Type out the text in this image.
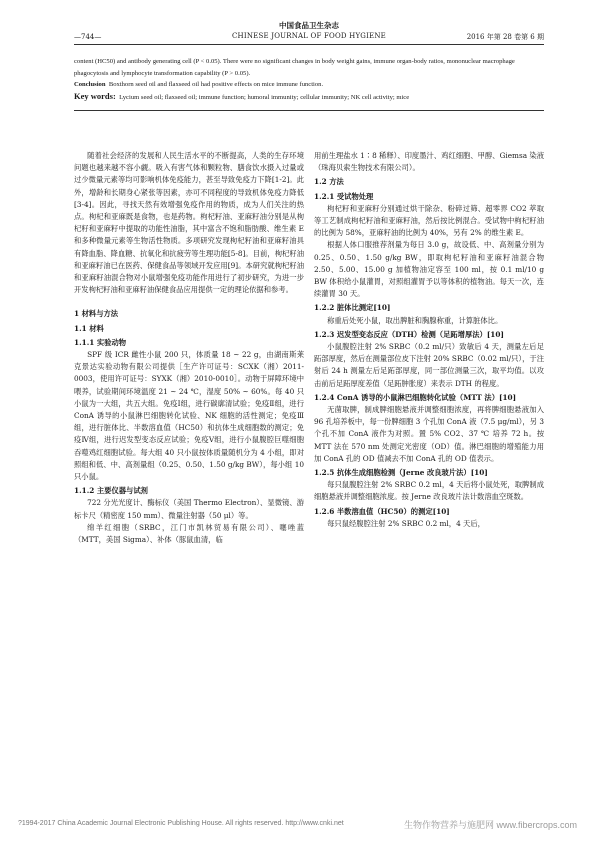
中国食品卫生杂志
—744—	CHINESE JOURNAL OF FOOD HYGIENE	2016 年第 28 卷第 6 期

content (HC50) and antibody generating cell (P < 0.05). There were no significant changes in body weight gains, immune organ-body ratios, mononuclear macrophage phagocytosis and lymphocyte transformation capability (P > 0.05).

Conclusion Boxthorn seed oil and flaxseed oil had positive effects on mice immune function.

Key words: Lycium seed oil; flaxseed oil; immune function; humoral immunity; cellular immunity; NK cell activity; mice

随着社会经济的发展和人民生活水平的不断提高，人类的生存环境问题也越来越不容小觑。吸入有害气体和颗粒物、膳食饮水摄入过量或过少微量元素等均可影响机体免疫能力，甚至导致免疫力下降[1-2]。此外，增龄和长期身心紧张等因素，亦可不同程度的导致机体免疫力降低[3-4]。因此，寻找天然有效增强免疫作用的物质，成为人们关注的热点。枸杞和亚麻既是食物，也是药物。枸杞籽油、亚麻籽油分别是从枸杞籽和亚麻籽中提取的功能性油脂，其中富含不饱和脂肪酸、维生素 E 和多种微量元素等生物活性物质。多项研究发现枸杞籽油和亚麻籽油具有降血脂、降血糖、抗氧化和抗疲劳等生理功能[5-8]。目前，枸杞籽油和亚麻籽油已在医药、保健食品等领域开发应用[9]。本研究就枸杞籽油和亚麻籽油混合物对小鼠增强免疫功能作用进行了初步研究，为进一步开发枸杞籽油和亚麻籽油保健食品应用提供一定的理论依据和参考。

1 材料与方法

1.1 材料

1.1.1 实验动物

SPF 级 ICR 雌性小鼠 200 只，体质量 18 ~ 22 g，由湖南斯莱克景达实验动物有限公司提供［生产许可证号：SCXK（湘）2011-0003，使用许可证号：SYXK（湘）2010-0010］。动物于屏障环境中喂养，试验期间环境温度 21 ~ 24 ℃，湿度 50% ~ 60%。每 40 只小鼠为一大组，共五大组。免疫Ⅰ组，进行碳廓清试验；免疫Ⅱ组，进行 ConA 诱导的小鼠淋巴细胞转化试验、NK 细胞的活性测定；免疫Ⅲ组，进行脏体比、半数溶血值（HC50）和抗体生成细胞数的测定；免疫Ⅳ组，进行迟发型变态反应试验；免疫Ⅴ组，进行小鼠腹腔巨噬细胞吞噬鸡红细胞试验。每大组 40 只小鼠按体质量随机分为 4 小组，即对照组和低、中、高剂量组（0.25、0.50、1.50 g/kg BW），每小组 10 只小鼠。

1.1.2 主要仪器与试剂

722 分光光度计、酶标仪（美国 Thermo Electron）、显微镜、游标卡尺（精密度 150 mm）、微量注射器（50 μl）等。

绵羊红细胞（SRBC，江门市凯林贸易有限公司）、噻唑蓝（MTT，美国 Sigma）、补体（豚鼠血清，临

用前生理盐水 1∶8 稀释）、印度墨汁、鸡红细胞、甲醇、Giemsa 染液（珠海贝索生物技术有限公司）。

1.2 方法

1.2.1 受试物处理

枸杞籽和亚麻籽分别通过烘干除杂、粉碎过筛、超零界 CO2 萃取等工艺制成枸杞籽油和亚麻籽油，然后按比例混合。受试物中枸杞籽油的比例为 58%，亚麻籽油的比例为 40%，另有 2% 的维生素 E。

根据人体口服推荐剂量为每日 3.0 g，故设低、中、高剂量分别为 0.25、0.50、1.50 g/kg BW，即取枸杞籽油和亚麻籽油混合物 2.50、5.00、15.00 g 加植物油定容至 100 ml，按 0.1 ml/10 g BW 体积给小鼠灌胃，对照组灌胃予以等体积的植物油。每天一次，连续灌胃 30 天。

1.2.2 脏体比测定[10]

称重后处死小鼠，取出脾脏和胸腺称重，计算脏体比。

1.2.3 迟发型变态反应（DTH）检测（足跖增厚法）[10]

小鼠腹腔注射 2% SRBC（0.2 ml/只）致敏后 4 天，测量左后足跖部厚度，然后在测量部位皮下注射 20% SRBC（0.02 ml/只），于注射后 24 h 测量左后足跖部厚度，同一部位测量三次，取平均值。以攻击前后足跖厚度差值（足跖肿胀度）来表示 DTH 的程度。

1.2.4 ConA 诱导的小鼠淋巴细胞转化试验（MTT 法）[10]

无菌取脾，制成脾细胞悬液并调整细胞浓度，再将脾细胞悬液加入 96 孔培养板中，每一份脾细胞 3 个孔加 ConA 液（7.5 μg/ml），另 3 个孔不加 ConA 液作为对照。置 5% CO2、37 ℃ 培养 72 h。按 MTT 法在 570 nm 处测定光密度（OD）值。淋巴细胞的增殖能力用加 ConA 孔的 OD 值减去不加 ConA 孔的 OD 值表示。

1.2.5 抗体生成细胞检测（Jerne 改良玻片法）[10]

每只鼠腹腔注射 2% SRBC 0.2 ml，4 天后将小鼠处死，取脾制成细胞悬液并调整细胞浓度。按 Jerne 改良玻片法计数溶血空斑数。

1.2.6 半数溶血值（HC50）的测定[10]

每只鼠经腹腔注射 2% SRBC 0.2 ml，4 天后，

?1994-2017 China Academic Journal Electronic Publishing House. All rights reserved. http://www.cnki.net	生物作物营养与施肥网 www.fibercrops.com
